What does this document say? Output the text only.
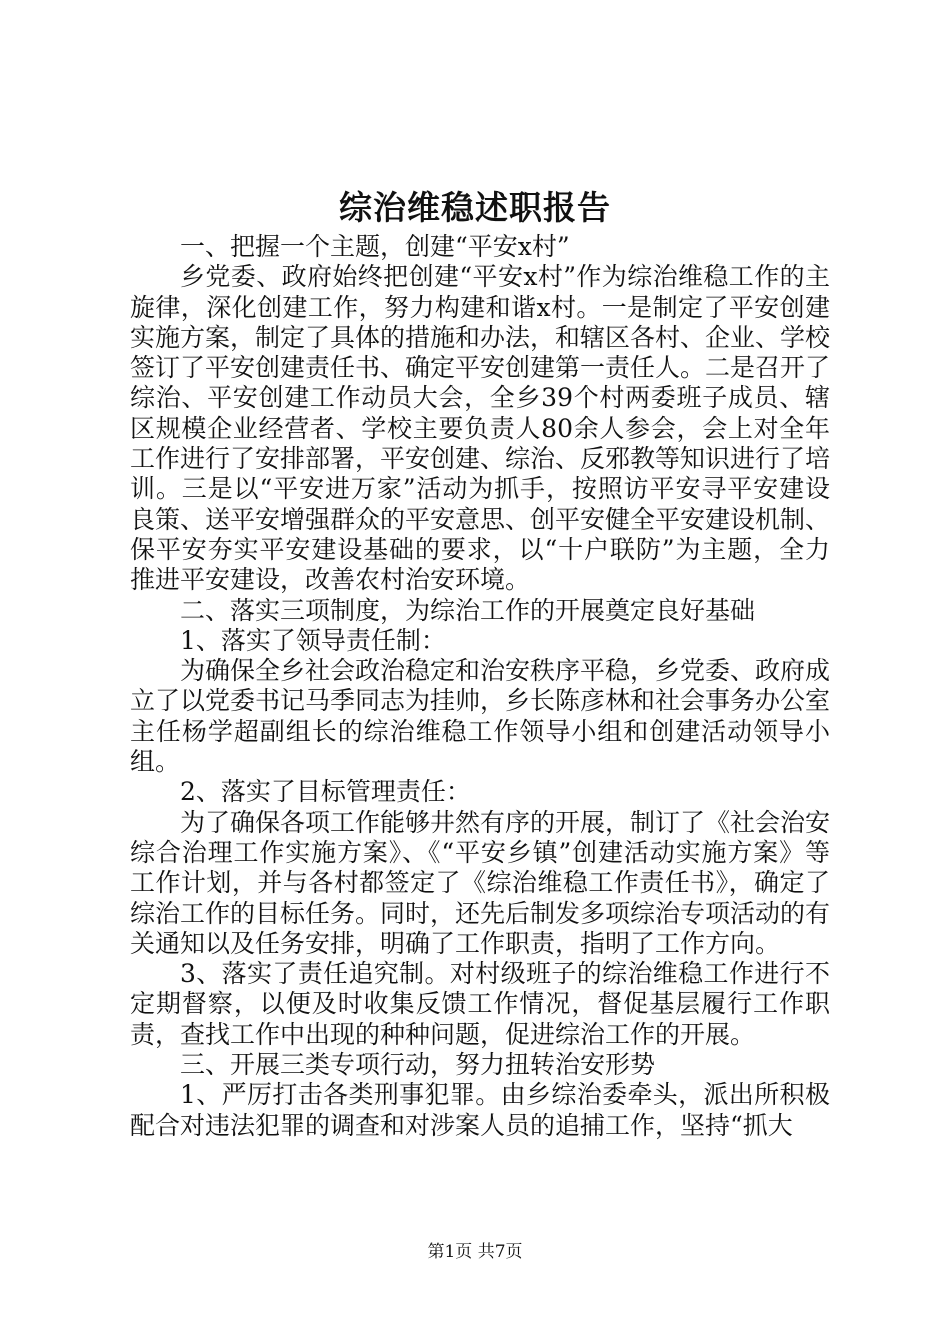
综治维稳述职报告

一、把握一个主题，创建“平安x村”

乡党委、政府始终把创建“平安x村”作为综治维稳工作的主旋律，深化创建工作，努力构建和谐x村。一是制定了平安创建实施方案，制定了具体的措施和办法，和辖区各村、企业、学校签订了平安创建责任书、确定平安创建第一责任人。二是召开了综治、平安创建工作动员大会，全乡39个村两委班子成员、辖区规模企业经营者、学校主要负责人80余人参会，会上对全年工作进行了安排部署，平安创建、综治、反邪教等知识进行了培训。三是以“平安进万家”活动为抓手，按照访平安寻平安建设良策、送平安增强群众的平安意思、创平安健全平安建设机制、保平安夯实平安建设基础的要求，以“十户联防”为主题，全力推进平安建设，改善农村治安环境。

二、落实三项制度，为综治工作的开展奠定良好基础

1、落实了领导责任制：

为确保全乡社会政治稳定和治安秩序平稳，乡党委、政府成立了以党委书记马季同志为挂帅，乡长陈彦林和社会事务办公室主任杨学超副组长的综治维稳工作领导小组和创建活动领导小组。

2、落实了目标管理责任：

为了确保各项工作能够井然有序的开展，制订了《社会治安综合治理工作实施方案》、《“平安乡镇”创建活动实施方案》等工作计划，并与各村都签定了《综治维稳工作责任书》，确定了综治工作的目标任务。同时，还先后制发多项综治专项活动的有关通知以及任务安排，明确了工作职责，指明了工作方向。

3、落实了责任追究制。对村级班子的综治维稳工作进行不定期督察，以便及时收集反馈工作情况，督促基层履行工作职责，查找工作中出现的种种问题，促进综治工作的开展。

三、开展三类专项行动，努力扭转治安形势

1、严厉打击各类刑事犯罪。由乡综治委牵头，派出所积极配合对违法犯罪的调查和对涉案人员的追捕工作，坚持“抓大

第1页 共7页
